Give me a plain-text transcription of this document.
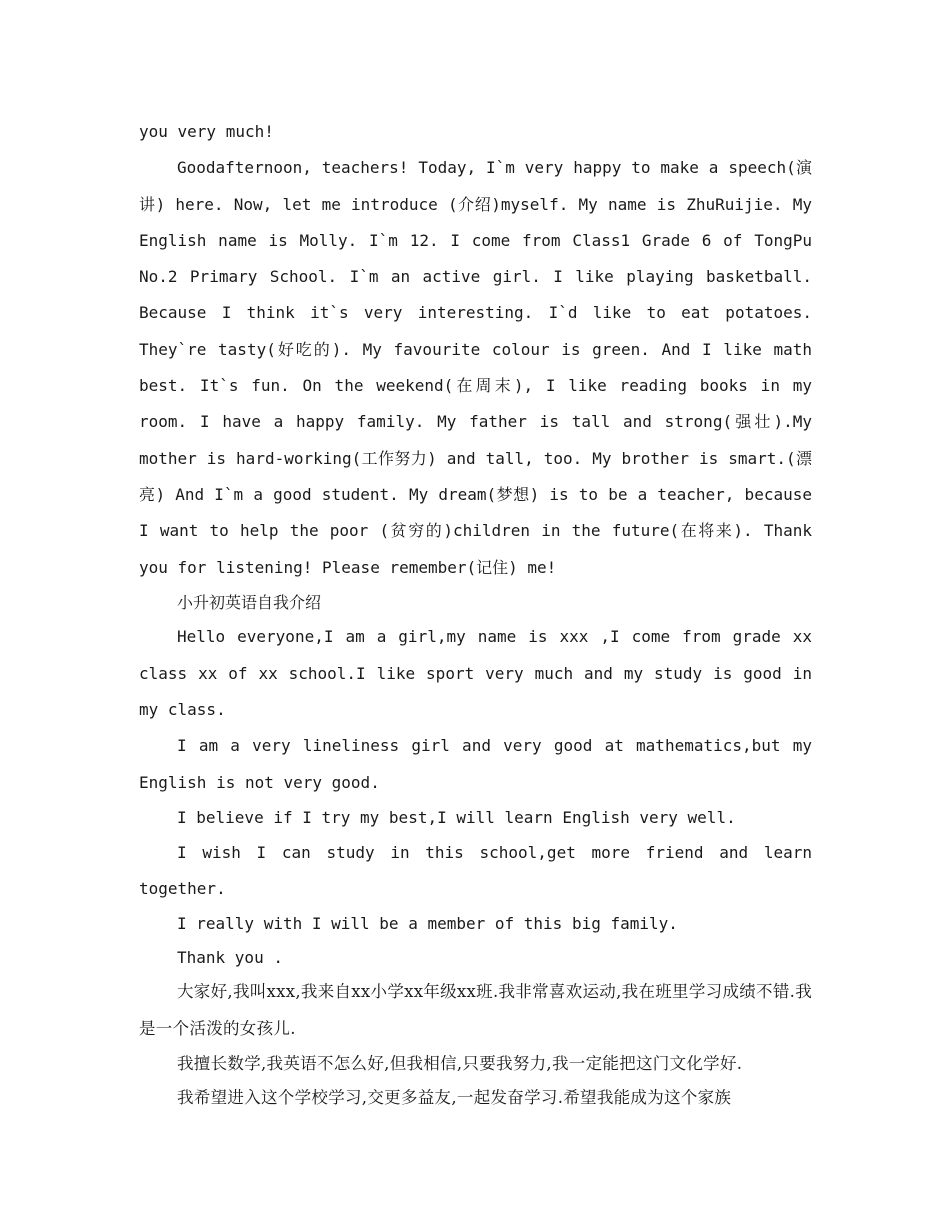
you very much!

Goodafternoon, teachers! Today, I`m very happy to make a speech(演讲) here. Now, let me introduce (介绍)myself. My name is ZhuRuijie. My English name is Molly. I`m 12. I come from Class1 Grade 6 of TongPu No.2 Primary School. I`m an active girl. I like playing basketball. Because I think it`s very interesting. I`d like to eat potatoes. They`re tasty(好吃的). My favourite colour is green. And I like math best. It`s fun. On the weekend(在周末), I like reading books in my room. I have a happy family. My father is tall and strong(强壮).My mother is hard-working(工作努力) and tall, too. My brother is smart.(漂亮) And I`m a good student. My dream(梦想) is to be a teacher, because I want to help the poor (贫穷的)children in the future(在将来). Thank you for listening! Please remember(记住) me!

小升初英语自我介绍

Hello everyone,I am a girl,my name is xxx ,I come from grade xx class xx of xx school.I like sport very much and my study is good in my class.

I am a very lineliness girl and very good at mathematics,but my English is not very good.

I believe if I try my best,I will learn English very well.

I wish I can study in this school,get more friend and learn together.

I really with I will be a member of this big family.

Thank you .

大家好,我叫xxx,我来自xx小学xx年级xx班.我非常喜欢运动,我在班里学习成绩不错.我是一个活泼的女孩儿.

我擅长数学,我英语不怎么好,但我相信,只要我努力,我一定能把这门文化学好.

我希望进入这个学校学习,交更多益友,一起发奋学习.希望我能成为这个家族
